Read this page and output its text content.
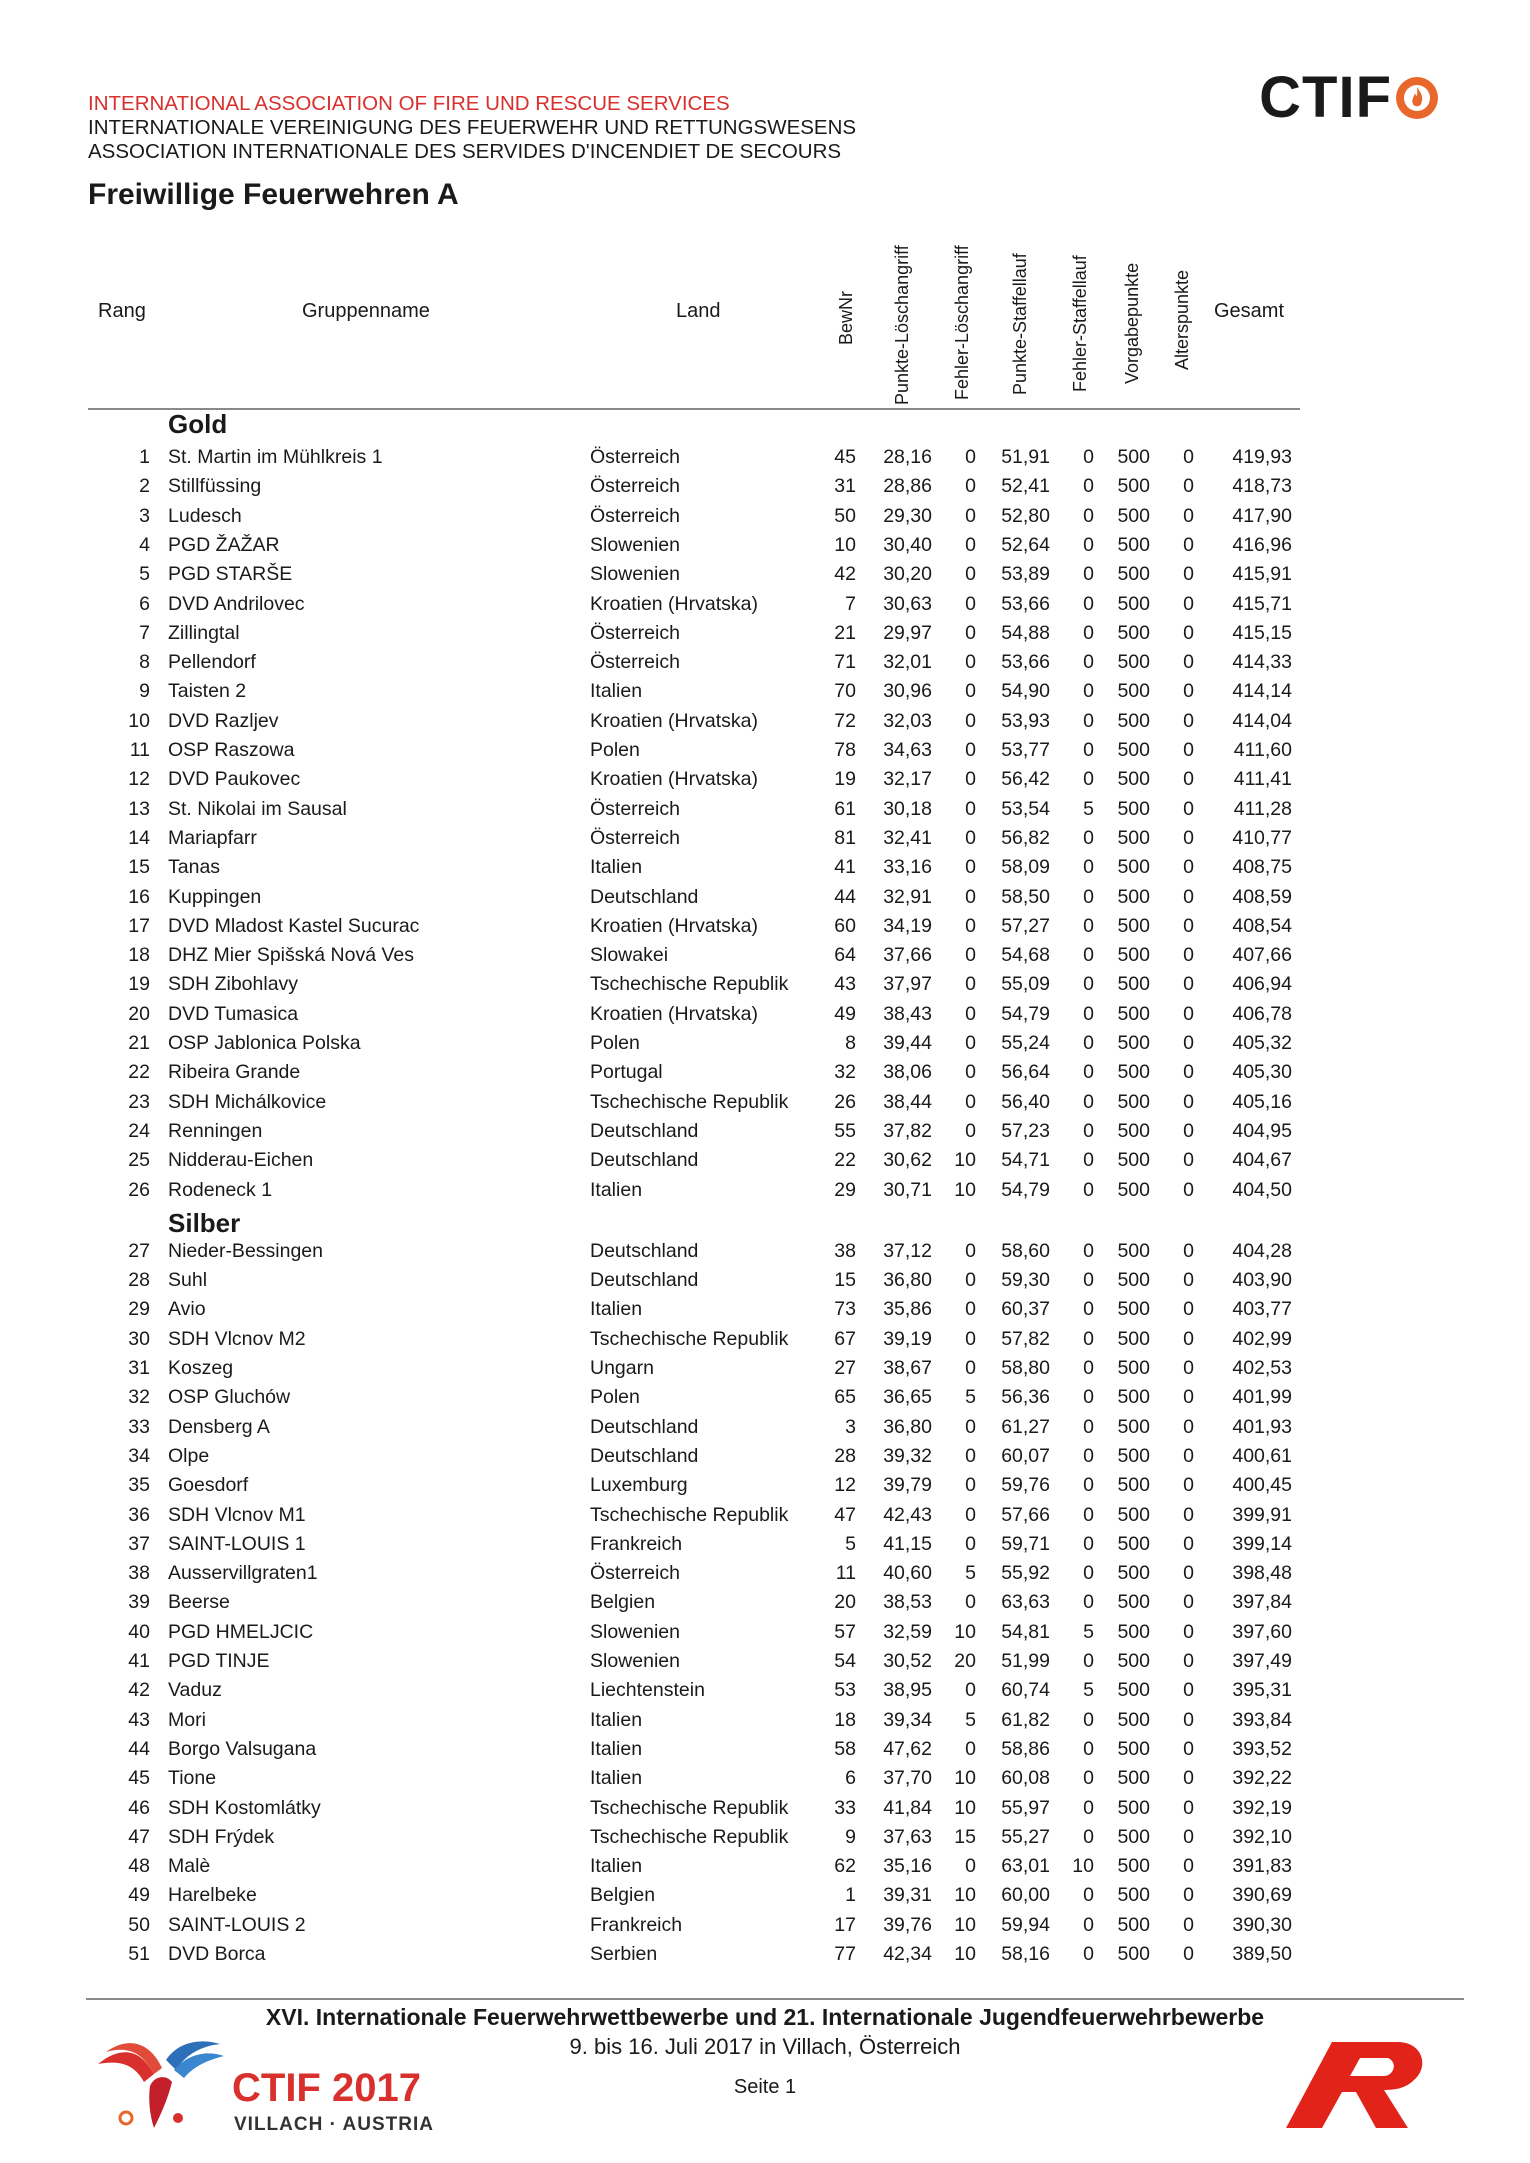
INTERNATIONAL ASSOCIATION OF FIRE UND RESCUE SERVICES
INTERNATIONALE VEREINIGUNG DES FEUERWEHR UND RETTUNGSWESENS
ASSOCIATION INTERNATIONALE DES SERVIDES D'INCENDIET DE SECOURS
CTIF
Freiwillige Feuerwehren A
Rang	Gruppenname	Land	BewNr Punkte-Löschangriff Fehler-Löschangriff Punkte-Staffellauf Fehler-Staffellauf Vorgabepunkte Alterspunkte Gesamt
Gold
1 St. Martin im Mühlkreis 1	Österreich	45	28,16	0	51,91	0	500	0	419,93
2 Stillfüssing	Österreich	31	28,86	0	52,41	0	500	0	418,73
3 Ludesch	Österreich	50	29,30	0	52,80	0	500	0	417,90
4 PGD ŽAŽAR	Slowenien	10	30,40	0	52,64	0	500	0	416,96
5 PGD STARŠE	Slowenien	42	30,20	0	53,89	0	500	0	415,91
6 DVD Andrilovec	Kroatien (Hrvatska)	7	30,63	0	53,66	0	500	0	415,71
7 Zillingtal	Österreich	21	29,97	0	54,88	0	500	0	415,15
8 Pellendorf	Österreich	71	32,01	0	53,66	0	500	0	414,33
9 Taisten 2	Italien	70	30,96	0	54,90	0	500	0	414,14
10 DVD Razljev	Kroatien (Hrvatska)	72	32,03	0	53,93	0	500	0	414,04
11 OSP Raszowa	Polen	78	34,63	0	53,77	0	500	0	411,60
12 DVD Paukovec	Kroatien (Hrvatska)	19	32,17	0	56,42	0	500	0	411,41
13 St. Nikolai im Sausal	Österreich	61	30,18	0	53,54	5	500	0	411,28
14 Mariapfarr	Österreich	81	32,41	0	56,82	0	500	0	410,77
15 Tanas	Italien	41	33,16	0	58,09	0	500	0	408,75
16 Kuppingen	Deutschland	44	32,91	0	58,50	0	500	0	408,59
17 DVD Mladost Kastel Sucurac	Kroatien (Hrvatska)	60	34,19	0	57,27	0	500	0	408,54
18 DHZ Mier Spišská Nová Ves	Slowakei	64	37,66	0	54,68	0	500	0	407,66
19 SDH Zibohlavy	Tschechische Republik	43	37,97	0	55,09	0	500	0	406,94
20 DVD Tumasica	Kroatien (Hrvatska)	49	38,43	0	54,79	0	500	0	406,78
21 OSP Jablonica Polska	Polen	8	39,44	0	55,24	0	500	0	405,32
22 Ribeira Grande	Portugal	32	38,06	0	56,64	0	500	0	405,30
23 SDH Michálkovice	Tschechische Republik	26	38,44	0	56,40	0	500	0	405,16
24 Renningen	Deutschland	55	37,82	0	57,23	0	500	0	404,95
25 Nidderau-Eichen	Deutschland	22	30,62	10	54,71	0	500	0	404,67
26 Rodeneck 1	Italien	29	30,71	10	54,79	0	500	0	404,50
Silber
27 Nieder-Bessingen	Deutschland	38	37,12	0	58,60	0	500	0	404,28
28 Suhl	Deutschland	15	36,80	0	59,30	0	500	0	403,90
29 Avio	Italien	73	35,86	0	60,37	0	500	0	403,77
30 SDH Vlcnov M2	Tschechische Republik	67	39,19	0	57,82	0	500	0	402,99
31 Koszeg	Ungarn	27	38,67	0	58,80	0	500	0	402,53
32 OSP Gluchów	Polen	65	36,65	5	56,36	0	500	0	401,99
33 Densberg A	Deutschland	3	36,80	0	61,27	0	500	0	401,93
34 Olpe	Deutschland	28	39,32	0	60,07	0	500	0	400,61
35 Goesdorf	Luxemburg	12	39,79	0	59,76	0	500	0	400,45
36 SDH Vlcnov M1	Tschechische Republik	47	42,43	0	57,66	0	500	0	399,91
37 SAINT-LOUIS 1	Frankreich	5	41,15	0	59,71	0	500	0	399,14
38 Ausservillgraten1	Österreich	11	40,60	5	55,92	0	500	0	398,48
39 Beerse	Belgien	20	38,53	0	63,63	0	500	0	397,84
40 PGD HMELJCIC	Slowenien	57	32,59	10	54,81	5	500	0	397,60
41 PGD TINJE	Slowenien	54	30,52	20	51,99	0	500	0	397,49
42 Vaduz	Liechtenstein	53	38,95	0	60,74	5	500	0	395,31
43 Mori	Italien	18	39,34	5	61,82	0	500	0	393,84
44 Borgo Valsugana	Italien	58	47,62	0	58,86	0	500	0	393,52
45 Tione	Italien	6	37,70	10	60,08	0	500	0	392,22
46 SDH Kostomlátky	Tschechische Republik	33	41,84	10	55,97	0	500	0	392,19
47 SDH Frýdek	Tschechische Republik	9	37,63	15	55,27	0	500	0	392,10
48 Malè	Italien	62	35,16	0	63,01	10	500	0	391,83
49 Harelbeke	Belgien	1	39,31	10	60,00	0	500	0	390,69
50 SAINT-LOUIS 2	Frankreich	17	39,76	10	59,94	0	500	0	390,30
51 DVD Borca	Serbien	77	42,34	10	58,16	0	500	0	389,50
XVI. Internationale Feuerwehrwettbewerbe und 21. Internationale Jugendfeuerwehrbewerbe
9. bis 16. Juli 2017 in Villach, Österreich
Seite 1
CTIF 2017
VILLACH · AUSTRIA
